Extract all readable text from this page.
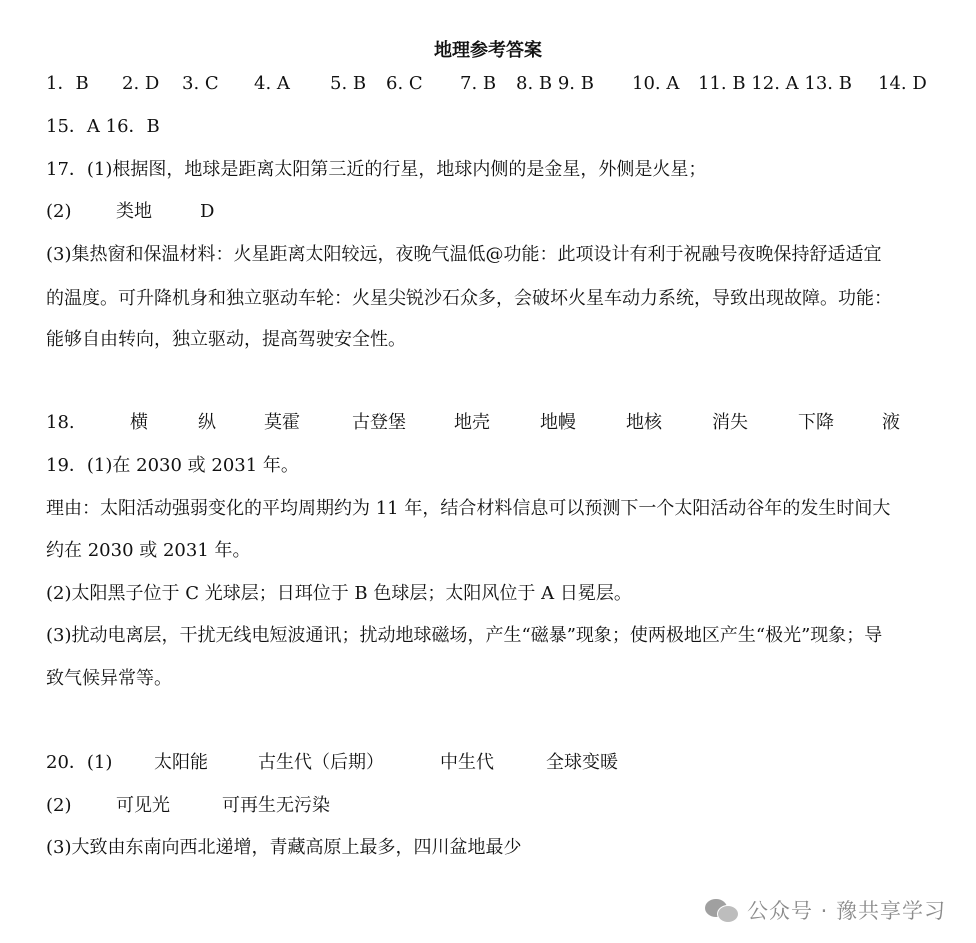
地理参考答案
1．B 2. D 3. C 4. A 5. B 6. C 7. B 8. B 9. B 10. A 11. B 12. A 13. B 14. D
15．A 16．B
17．(1)根据图，地球是距离太阳第三近的行星，地球内侧的是金星，外侧是火星；
(2) 类地	D
(3)集热窗和保温材料：火星距离太阳较远，夜晚气温低@功能：此项设计有利于祝融号夜晚保持舒适适宜
的温度。可升降机身和独立驱动车轮：火星尖锐沙石众多，会破坏火星车动力系统，导致出现故障。功能：
能够自由转向，独立驱动，提高驾驶安全性。
18.	横	纵	莫霍	古登堡	地壳	地幔	地核	消失	下降	液
19．(1)在 2030 或 2031 年。
理由：太阳活动强弱变化的平均周期约为 11 年，结合材料信息可以预测下一个太阳活动谷年的发生时间大
约在 2030 或 2031 年。
(2)太阳黑子位于 C 光球层；日珥位于 B 色球层；太阳风位于 A 日冕层。
(3)扰动电离层，干扰无线电短波通讯；扰动地球磁场，产生“磁暴”现象；使两极地区产生“极光”现象；导
致气候异常等。
20．(1) 太阳能	古生代（后期）	中生代	全球变暖
(2) 可见光	可再生无污染
(3)大致由东南向西北递增，青藏高原上最多，四川盆地最少
公众号 · 豫共享学习
